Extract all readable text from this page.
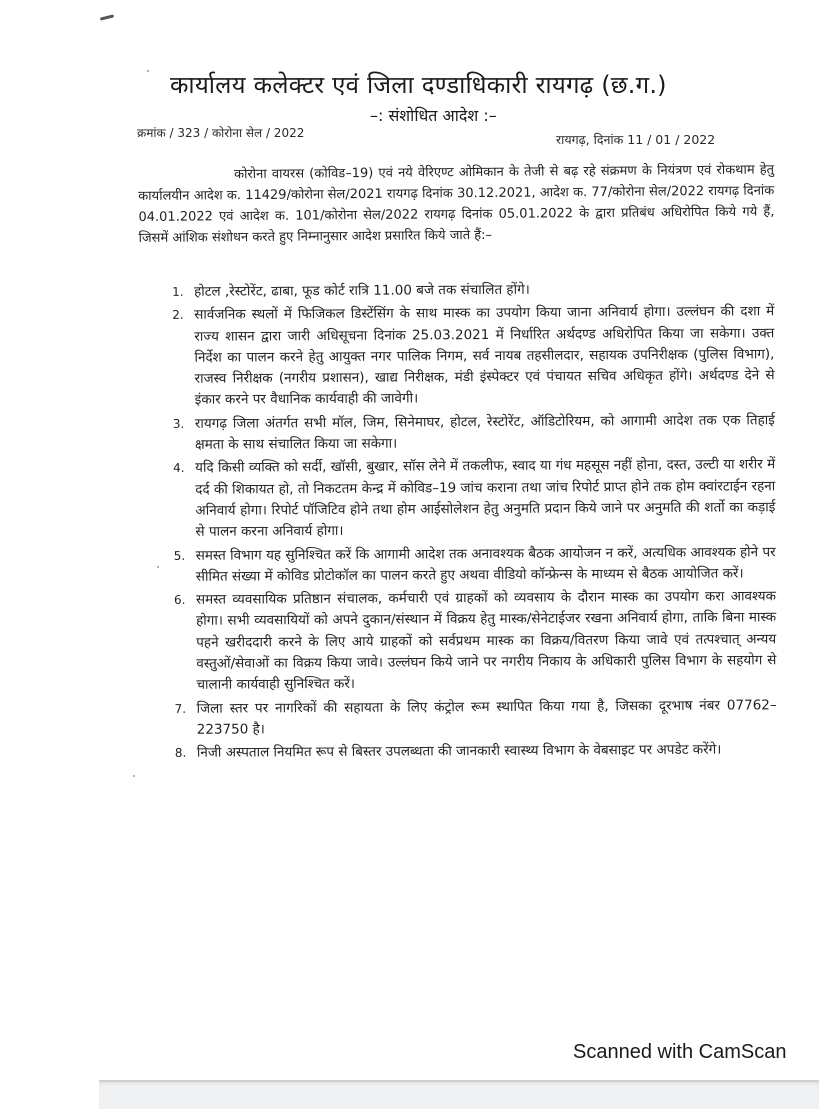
कार्यालय कलेक्टर एवं जिला दण्डाधिकारी रायगढ़ (छ.ग.)
–: संशोधित आदेश :–
क्रमांक / 323 / कोरोना सेल / 2022	रायगढ़, दिनांक 11 / 01 / 2022

कोरोना वायरस (कोविड–19) एवं नये वेरिएण्ट ओमिकान के तेजी से बढ़ रहे संक्रमण के नियंत्रण एवं रोकथाम हेतु कार्यालयीन आदेश क. 11429/कोरोना सेल/2021 रायगढ़ दिनांक 30.12.2021, आदेश क. 77/कोरोना सेल/2022 रायगढ़ दिनांक 04.01.2022 एवं आदेश क. 101/कोरोना सेल/2022 रायगढ़ दिनांक 05.01.2022 के द्वारा प्रतिबंध अधिरोपित किये गये हैं, जिसमें आंशिक संशोधन करते हुए निम्नानुसार आदेश प्रसारित किये जाते हैं:–

1. होटल ,रेस्टोरेंट, ढाबा, फूड कोर्ट रात्रि 11.00 बजे तक संचालित होंगे।
2. सार्वजनिक स्थलों में फिजिकल डिस्टेंसिंग के साथ मास्क का उपयोग किया जाना अनिवार्य होगा। उल्लंघन की दशा में राज्य शासन द्वारा जारी अधिसूचना दिनांक 25.03.2021 में निर्धारित अर्थदण्ड अधिरोपित किया जा सकेगा। उक्त निर्देश का पालन करने हेतु आयुक्त नगर पालिक निगम, सर्व नायब तहसीलदार, सहायक उपनिरीक्षक (पुलिस विभाग), राजस्व निरीक्षक (नगरीय प्रशासन), खाद्य निरीक्षक, मंडी इंस्पेक्टर एवं पंचायत सचिव अधिकृत होंगे। अर्थदण्ड देने से इंकार करने पर वैधानिक कार्यवाही की जावेगी।
3. रायगढ़ जिला अंतर्गत सभी मॉल, जिम, सिनेमाघर, होटल, रेस्टोरेंट, ऑडिटोरियम, को आगामी आदेश तक एक तिहाई क्षमता के साथ संचालित किया जा सकेगा।
4. यदि किसी व्यक्ति को सर्दी, खॉसी, बुखार, सॉस लेने में तकलीफ, स्वाद या गंध महसूस नहीं होना, दस्त, उल्टी या शरीर में दर्द की शिकायत हो, तो निकटतम केन्द्र में कोविड–19 जांच कराना तथा जांच रिपोर्ट प्राप्त होने तक होम क्वांरटाईन रहना अनिवार्य होगा। रिपोर्ट पॉजिटिव होने तथा होम आईसोलेशन हेतु अनुमति प्रदान किये जाने पर अनुमति की शर्तो का कड़ाई से पालन करना अनिवार्य होगा।
5. समस्त विभाग यह सुनिश्चित करें कि आगामी आदेश तक अनावश्यक बैठक आयोजन न करें, अत्यधिक आवश्यक होने पर सीमित संख्या में कोविड प्रोटोकॉल का पालन करते हुए अथवा वीडियो कॉन्फ्रेन्स के माध्यम से बैठक आयोजित करें।
6. समस्त व्यवसायिक प्रतिष्ठान संचालक, कर्मचारी एवं ग्राहकों को व्यवसाय के दौरान मास्क का उपयोग करा आवश्यक होगा। सभी व्यवसायियों को अपने दुकान/संस्थान में विक्रय हेतु मास्क/सेनेटाईजर रखना अनिवार्य होगा, ताकि बिना मास्क पहने खरीददारी करने के लिए आये ग्राहकों को सर्वप्रथम मास्क का विक्रय/वितरण किया जावे एवं तत्पश्चात् अन्यय वस्तुओं/सेवाओं का विक्रय किया जावे। उल्लंघन किये जाने पर नगरीय निकाय के अधिकारी पुलिस विभाग के सहयोग से चालानी कार्यवाही सुनिश्चित करें।
7. जिला स्तर पर नागरिकों की सहायता के लिए कंट्रोल रूम स्थापित किया गया है, जिसका दूरभाष नंबर 07762–223750 है।
8. निजी अस्पताल नियमित रूप से बिस्तर उपलब्धता की जानकारी स्वास्थ्य विभाग के वेबसाइट पर अपडेट करेंगे।
Scanned with CamScan
